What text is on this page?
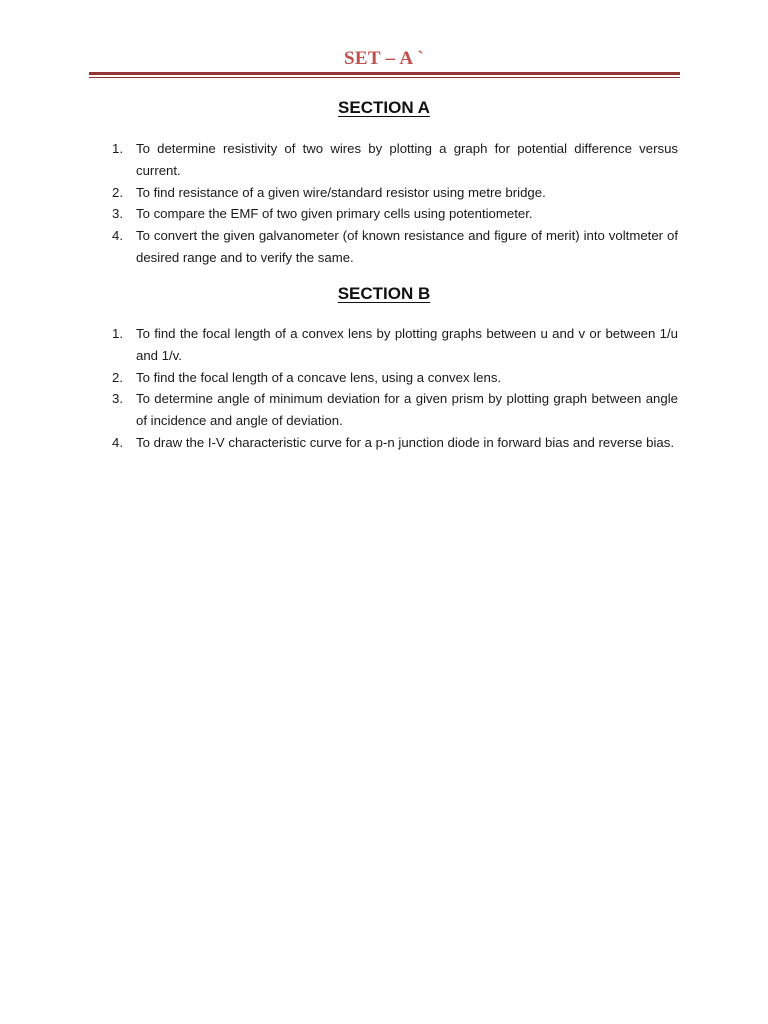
SET – A `
SECTION A
1. To determine resistivity of two wires by plotting a graph for potential difference versus current.
2. To find resistance of a given wire/standard resistor using metre bridge.
3. To compare the EMF of two given primary cells using potentiometer.
4. To convert the given galvanometer (of known resistance and figure of merit) into voltmeter of desired range and to verify the same.
SECTION B
1. To find the focal length of a convex lens by plotting graphs between u and v or between 1/u and 1/v.
2. To find the focal length of a concave lens, using a convex lens.
3. To determine angle of minimum deviation for a given prism by plotting graph between angle of incidence and angle of deviation.
4. To draw the I-V characteristic curve for a p-n junction diode in forward bias and reverse bias.
